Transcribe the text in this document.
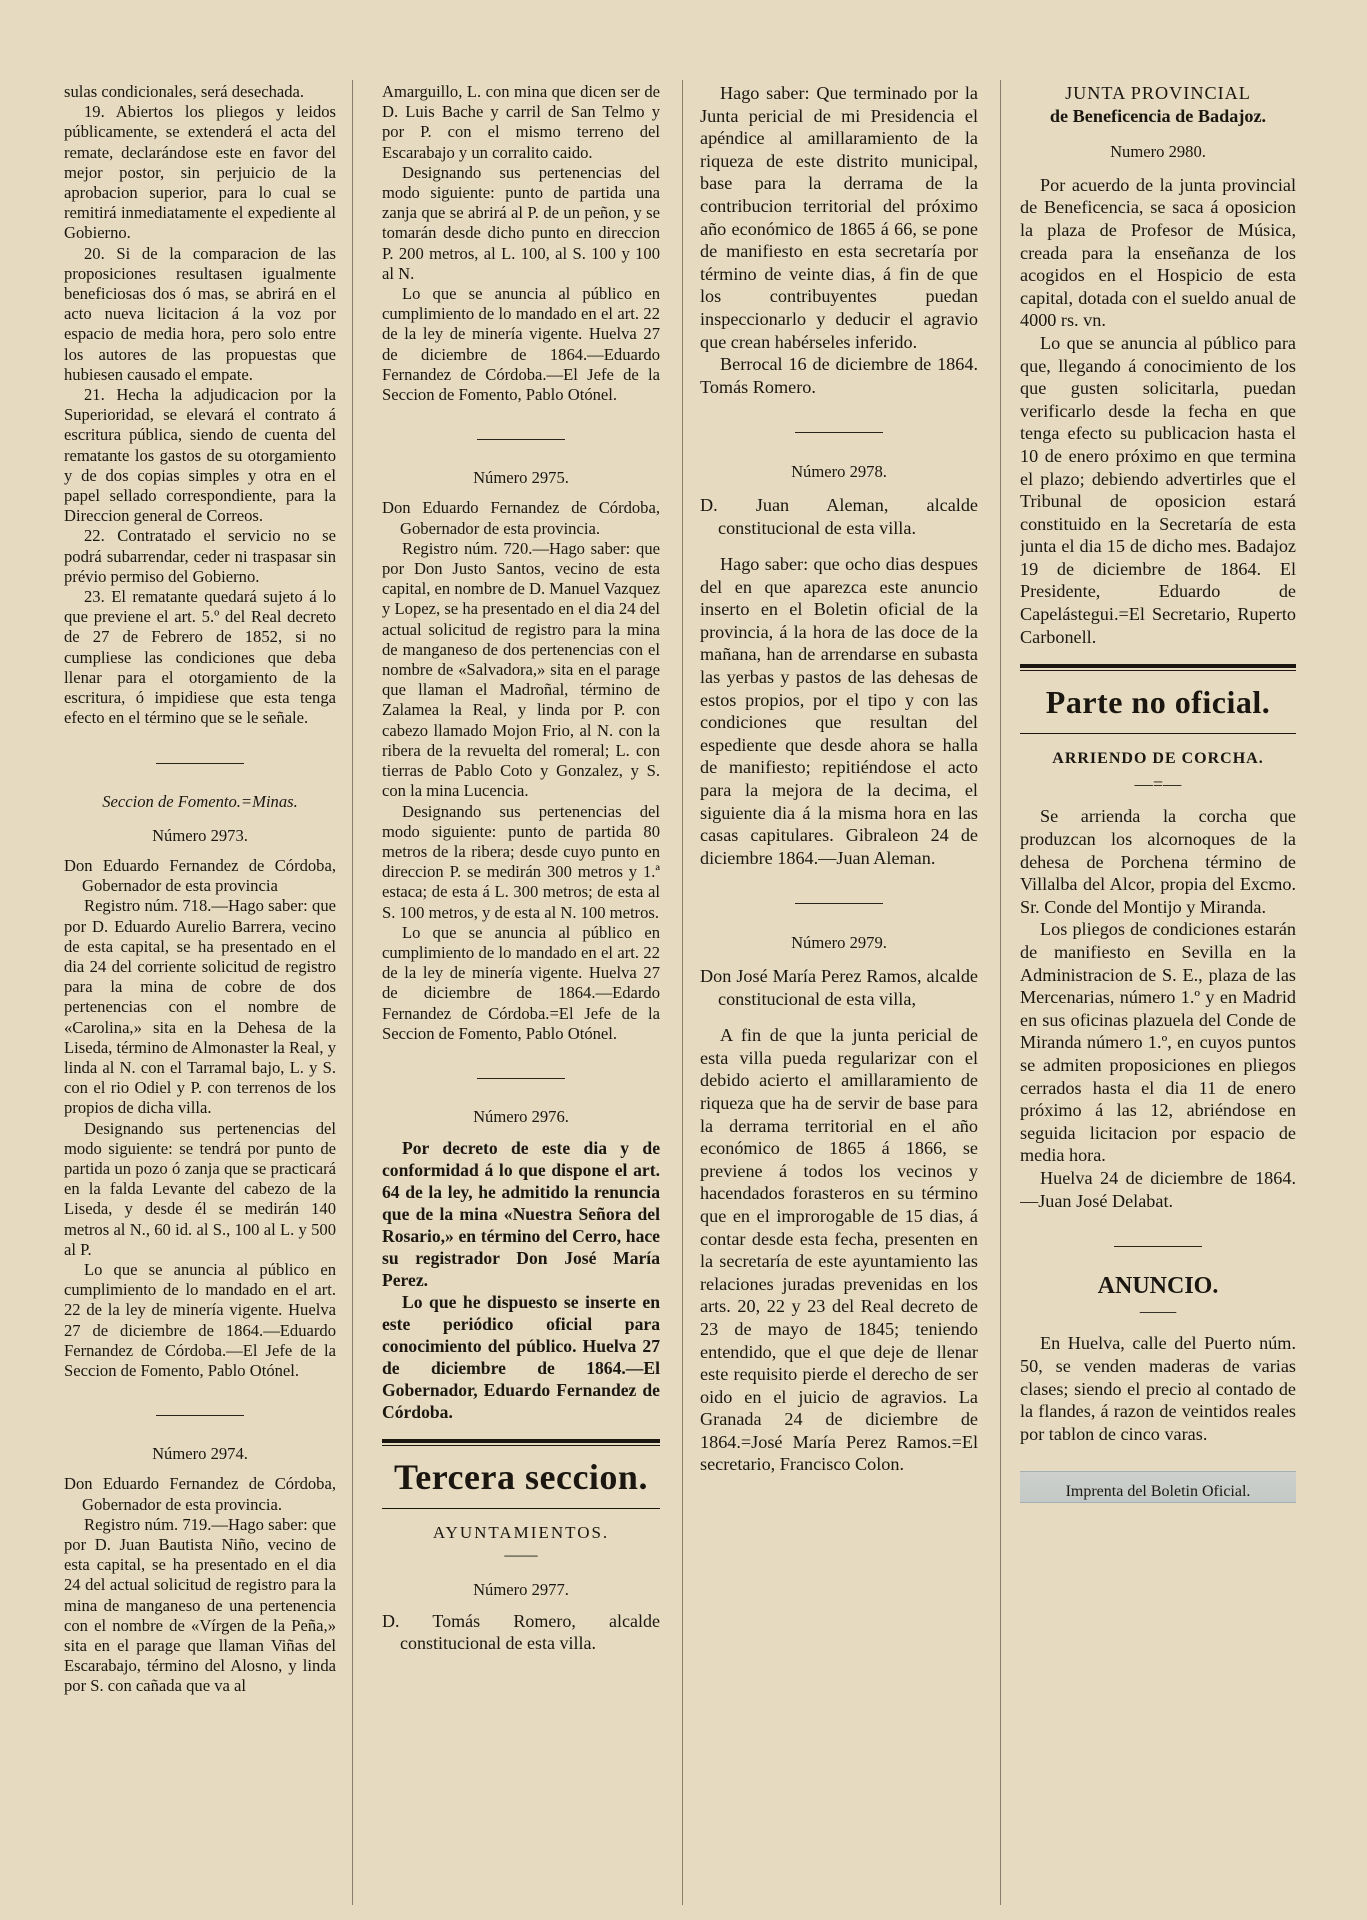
sulas condicionales, será desechada.

19. Abiertos los pliegos y leidos públicamente, se extenderá el acta del remate, declarándose este en favor del mejor postor, sin perjuicio de la aprobacion superior, para lo cual se remitirá inmediatamente el expediente al Gobierno.

20. Si de la comparacion de las proposiciones resultasen igualmente beneficiosas dos ó mas, se abrirá en el acto nueva licitacion á la voz por espacio de media hora, pero solo entre los autores de las propuestas que hubiesen causado el empate.

21. Hecha la adjudicacion por la Superioridad, se elevará el contrato á escritura pública, siendo de cuenta del rematante los gastos de su otorgamiento y de dos copias simples y otra en el papel sellado correspondiente, para la Direccion general de Correos.

22. Contratado el servicio no se podrá subarrendar, ceder ni traspasar sin prévio permiso del Gobierno.

23. El rematante quedará sujeto á lo que previene el art. 5.º del Real decreto de 27 de Febrero de 1852, si no cumpliese las condiciones que deba llenar para el otorgamiento de la escritura, ó impidiese que esta tenga efecto en el término que se le señale.

Seccion de Fomento.=Minas.

Número 2973.

Don Eduardo Fernandez de Córdoba, Gobernador de esta provincia

Registro núm. 718.—Hago saber: que por D. Eduardo Aurelio Barrera, vecino de esta capital, se ha presentado en el dia 24 del corriente solicitud de registro para la mina de cobre de dos pertenencias con el nombre de «Carolina,» sita en la Dehesa de la Liseda, término de Almonaster la Real, y linda al N. con el Tarramal bajo, L. y S. con el rio Odiel y P. con terrenos de los propios de dicha villa.

Designando sus pertenencias del modo siguiente: se tendrá por punto de partida un pozo ó zanja que se practicará en la falda Levante del cabezo de la Liseda, y desde él se medirán 140 metros al N., 60 id. al S., 100 al L. y 500 al P.

Lo que se anuncia al público en cumplimiento de lo mandado en el art. 22 de la ley de minería vigente. Huelva 27 de diciembre de 1864.—Eduardo Fernandez de Córdoba.—El Jefe de la Seccion de Fomento, Pablo Otónel.

Número 2974.

Don Eduardo Fernandez de Córdoba, Gobernador de esta provincia.

Registro núm. 719.—Hago saber: que por D. Juan Bautista Niño, vecino de esta capital, se ha presentado en el dia 24 del actual solicitud de registro para la mina de manganeso de una pertenencia con el nombre de «Vírgen de la Peña,» sita en el parage que llaman Viñas del Escarabajo, término del Alosno, y linda por S. con cañada que va al

Amarguillo, L. con mina que dicen ser de D. Luis Bache y carril de San Telmo y por P. con el mismo terreno del Escarabajo y un corralito caido.

Designando sus pertenencias del modo siguiente: punto de partida una zanja que se abrirá al P. de un peñon, y se tomarán desde dicho punto en direccion P. 200 metros, al L. 100, al S. 100 y 100 al N.

Lo que se anuncia al público en cumplimiento de lo mandado en el art. 22 de la ley de minería vigente. Huelva 27 de diciembre de 1864.—Eduardo Fernandez de Córdoba.—El Jefe de la Seccion de Fomento, Pablo Otónel.

Número 2975.

Don Eduardo Fernandez de Córdoba, Gobernador de esta provincia.

Registro núm. 720.—Hago saber: que por Don Justo Santos, vecino de esta capital, en nombre de D. Manuel Vazquez y Lopez, se ha presentado en el dia 24 del actual solicitud de registro para la mina de manganeso de dos pertenencias con el nombre de «Salvadora,» sita en el parage que llaman el Madroñal, término de Zalamea la Real, y linda por P. con cabezo llamado Mojon Frio, al N. con la ribera de la revuelta del romeral; L. con tierras de Pablo Coto y Gonzalez, y S. con la mina Lucencia.

Designando sus pertenencias del modo siguiente: punto de partida 80 metros de la ribera; desde cuyo punto en direccion P. se medirán 300 metros y 1.ª estaca; de esta á L. 300 metros; de esta al S. 100 metros, y de esta al N. 100 metros.

Lo que se anuncia al público en cumplimiento de lo mandado en el art. 22 de la ley de minería vigente. Huelva 27 de diciembre de 1864.—Edardo Fernandez de Córdoba.=El Jefe de la Seccion de Fomento, Pablo Otónel.

Número 2976.

Por decreto de este dia y de conformidad á lo que dispone el art. 64 de la ley, he admitido la renuncia que de la mina «Nuestra Señora del Rosario,» en término del Cerro, hace su registrador Don José María Perez.

Lo que he dispuesto se inserte en este periódico oficial para conocimiento del público. Huelva 27 de diciembre de 1864.—El Gobernador, Eduardo Fernandez de Córdoba.

Tercera seccion.

AYUNTAMIENTOS.

——

Número 2977.

D. Tomás Romero, alcalde constitucional de esta villa.

Hago saber: Que terminado por la Junta pericial de mi Presidencia el apéndice al amillaramiento de la riqueza de este distrito municipal, base para la derrama de la contribucion territorial del próximo año económico de 1865 á 66, se pone de manifiesto en esta secretaría por término de veinte dias, á fin de que los contribuyentes puedan inspeccionarlo y deducir el agravio que crean habérseles inferido.

Berrocal 16 de diciembre de 1864. Tomás Romero.

Número 2978.

D. Juan Aleman, alcalde constitucional de esta villa.

Hago saber: que ocho dias despues del en que aparezca este anuncio inserto en el Boletin oficial de la provincia, á la hora de las doce de la mañana, han de arrendarse en subasta las yerbas y pastos de las dehesas de estos propios, por el tipo y con las condiciones que resultan del espediente que desde ahora se halla de manifiesto; repitiéndose el acto para la mejora de la decima, el siguiente dia á la misma hora en las casas capitulares. Gibraleon 24 de diciembre 1864.—Juan Aleman.

Número 2979.

Don José María Perez Ramos, alcalde constitucional de esta villa,

A fin de que la junta pericial de esta villa pueda regularizar con el debido acierto el amillaramiento de riqueza que ha de servir de base para la derrama territorial en el año económico de 1865 á 1866, se previene á todos los vecinos y hacendados forasteros en su término que en el improrogable de 15 dias, á contar desde esta fecha, presenten en la secretaría de este ayuntamiento las relaciones juradas prevenidas en los arts. 20, 22 y 23 del Real decreto de 23 de mayo de 1845; teniendo entendido, que el que deje de llenar este requisito pierde el derecho de ser oido en el juicio de agravios. La Granada 24 de diciembre de 1864.=José María Perez Ramos.=El secretario, Francisco Colon.

JUNTA PROVINCIAL

de Beneficencia de Badajoz.

Numero 2980.

Por acuerdo de la junta provincial de Beneficencia, se saca á oposicion la plaza de Profesor de Música, creada para la enseñanza de los acogidos en el Hospicio de esta capital, dotada con el sueldo anual de 4000 rs. vn.

Lo que se anuncia al público para que, llegando á conocimiento de los que gusten solicitarla, puedan verificarlo desde la fecha en que tenga efecto su publicacion hasta el 10 de enero próximo en que termina el plazo; debiendo advertirles que el Tribunal de oposicion estará constituido en la Secretaría de esta junta el dia 15 de dicho mes. Badajoz 19 de diciembre de 1864. El Presidente, Eduardo de Capelástegui.=El Secretario, Ruperto Carbonell.

Parte no oficial.

ARRIENDO DE CORCHA.

—=—

Se arrienda la corcha que produzcan los alcornoques de la dehesa de Porchena término de Villalba del Alcor, propia del Excmo. Sr. Conde del Montijo y Miranda.

Los pliegos de condiciones estarán de manifiesto en Sevilla en la Administracion de S. E., plaza de las Mercenarias, número 1.º y en Madrid en sus oficinas plazuela del Conde de Miranda número 1.º, en cuyos puntos se admiten proposiciones en pliegos cerrados hasta el dia 11 de enero próximo á las 12, abriéndose en seguida licitacion por espacio de media hora.

Huelva 24 de diciembre de 1864.—Juan José Delabat.

ANUNCIO.

——

En Huelva, calle del Puerto núm. 50, se venden maderas de varias clases; siendo el precio al contado de la flandes, á razon de veintidos reales por tablon de cinco varas.

Imprenta del Boletin Oficial.
